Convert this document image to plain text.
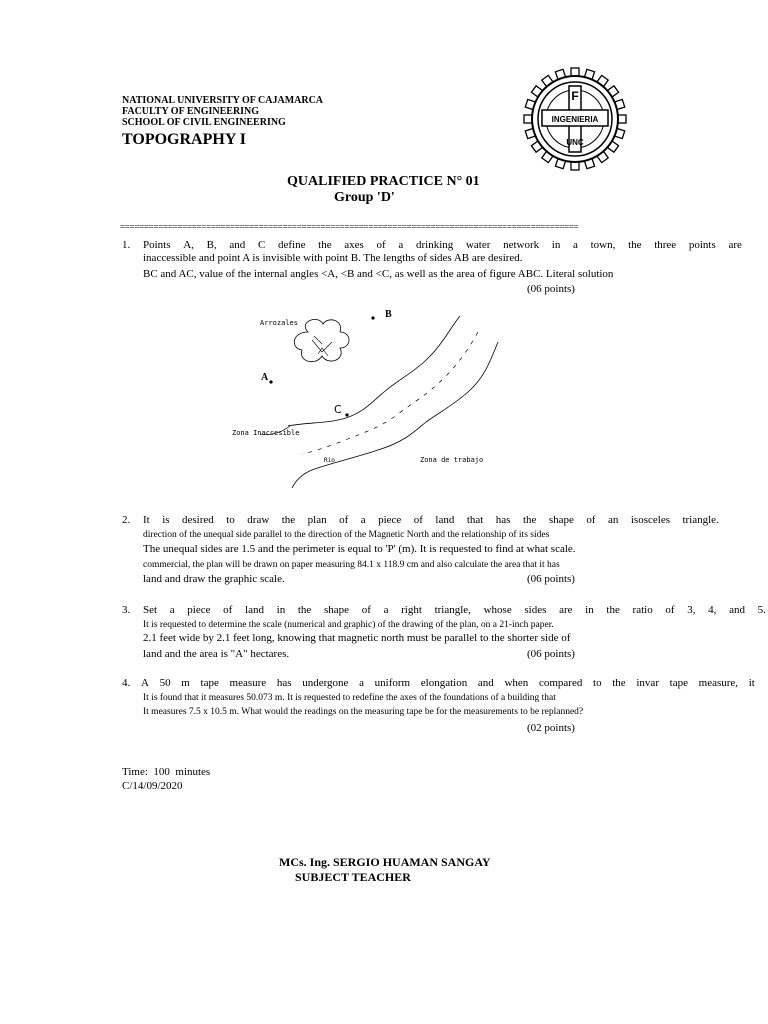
NATIONAL UNIVERSITY OF CAJAMARCA
FACULTY OF ENGINEERING
SCHOOL OF CIVIL ENGINEERING
TOPOGRAPHY I
F
INGENIERIA
UNC
QUALIFIED PRACTICE N° 01
Group 'D'
================================================================================================
1. Points A, B, and C define the axes of a drinking water network in a town, the three points are
inaccessible and point A is invisible with point B. The lengths of sides AB are desired.
BC and AC, value of the internal angles <A, <B and <C, as well as the area of figure ABC. Literal solution
(06 points)
B
A
C
Arrozales
Zona Inaccesible
Rio	Zona de trabajo
2. It is desired to draw the plan of a piece of land that has the shape of an isosceles triangle.
direction of the unequal side parallel to the direction of the Magnetic North and the relationship of its sides
The unequal sides are 1.5 and the perimeter is equal to 'P' (m). It is requested to find at what scale.
commercial, the plan will be drawn on paper measuring 84.1 x 118.9 cm and also calculate the area that it has
land and draw the graphic scale.	(06 points)
3. Set a piece of land in the shape of a right triangle, whose sides are in the ratio of 3, 4, and 5.
It is requested to determine the scale (numerical and graphic) of the drawing of the plan, on a 21-inch paper.
2.1 feet wide by 2.1 feet long, knowing that magnetic north must be parallel to the shorter side of
land and the area is "A" hectares.	(06 points)
4. A 50 m tape measure has undergone a uniform elongation and when compared to the invar tape measure, it
It is found that it measures 50.073 m. It is requested to redefine the axes of the foundations of a building that
It measures 7.5 x 10.5 m. What would the readings on the measuring tape be for the measurements to be replanned?
(02 points)
Time:  100  minutes
C/14/09/2020
MCs. Ing. SERGIO HUAMAN SANGAY
SUBJECT TEACHER
